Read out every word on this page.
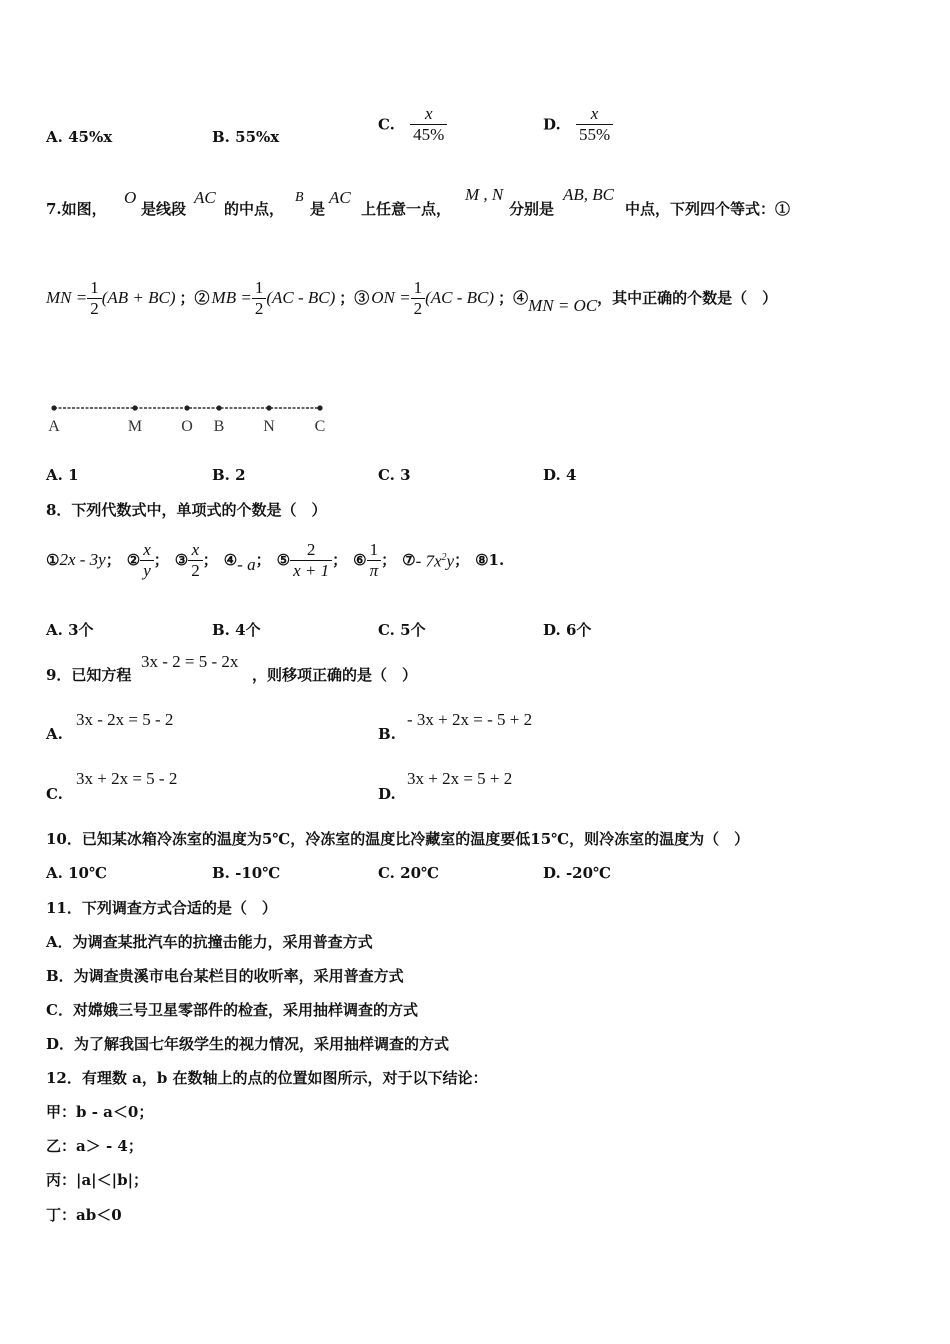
A. 45%x	B. 55%x
C. $\frac{x}{45\%}$	D. $\frac{x}{55\%}$
7.如图，
O
是线段
AC
的中点，
B
是
AC
上任意一点，
M , N
分别是
AB, BC
中点，下列四个等式：①
MN = $\frac{1}{2} (AB + BC)$ ；② MB = $\frac{1}{2} (AC - BC)$ ；③ ON = $\frac{1}{2} (AC - BC)$ ；④ MN = OC ，其中正确的个数是（　）
A	M O B N C
A. 1	B. 2	C. 3	D. 4
8．下列代数式中，单项式的个数是（　）
① 2x - 3y ； ② $\frac{x}{y}$ ； ③ $\frac{x}{2}$ ； ④ - a ； ⑤ $\frac{2}{x + 1}$ ； ⑥ $\frac{1}{\pi}$ ； ⑦ - $7x^2y$ ； ⑧ 1.
A. 3个	B. 4个	C. 5个	D. 6个
9．已知方程
3x - 2 = 5 - 2x
，则移项正确的是（　）
A.
3x - 2x = 5 - 2
B.
- 3x + 2x = - 5 + 2
C.
3x + 2x = 5 - 2
D.
3x + 2x = 5 + 2
10．已知某冰箱冷冻室的温度为5℃，冷冻室的温度比冷藏室的温度要低15℃，则冷冻室的温度为（　）
A. 10℃	B. -10℃	C. 20℃	D. -20℃
11．下列调查方式合适的是（　）
A．为调查某批汽车的抗撞击能力，采用普查方式
B．为调查贵溪市电台某栏目的收听率，采用普查方式
C．对嫦娥三号卫星零部件的检查，采用抽样调查的方式
D．为了解我国七年级学生的视力情况，采用抽样调查的方式
12．有理数 a，b 在数轴上的点的位置如图所示，对于以下结论：
甲：b - a＜0；
乙：a＞ - 4；
丙：|a|＜|b|；
丁：ab＜0
